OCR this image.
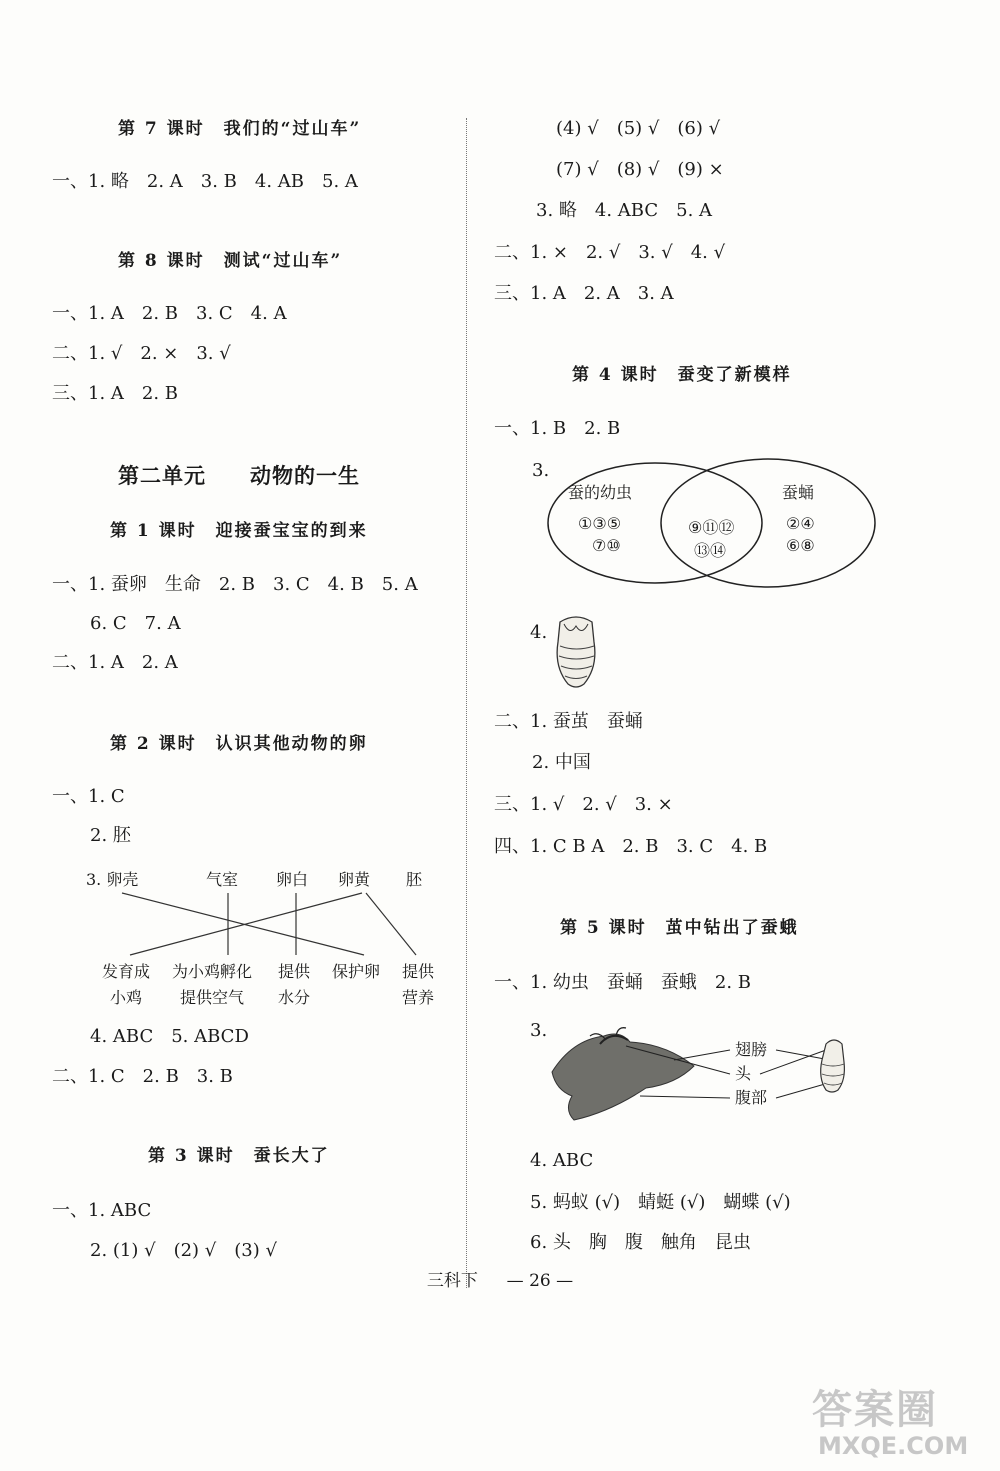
第 7 课时　我们的“过山车”
一、1. 略　2. A　3. B　4. AB　5. A
第 8 课时　测试“过山车”
一、1. A　2. B　3. C　4. A
二、1. √　2. ×　3. √
三、1. A　2. B
第二单元　　动物的一生
第 1 课时　迎接蚕宝宝的到来
一、1. 蚕卵　生命　2. B　3. C　4. B　5. A
6. C　7. A
二、1. A　2. A
第 2 课时　认识其他动物的卵
一、1. C
2. 胚
3. 卵壳	气室 卵白 卵黄 胚
发育成
小鸡
为小鸡孵化
提供空气
提供
水分
保护卵 提供
营养
4. ABC　5. ABCD
二、1. C　2. B　3. B
第 3 课时　蚕长大了
一、1. ABC
2. (1) √　(2) √　(3) √
(4) √　(5) √　(6) √
(7) √　(8) √　(9) ×
3. 略　4. ABC　5. A
二、1. ×　2. √　3. √　4. √
三、1. A　2. A　3. A
第 4 课时　蚕变了新模样
一、1. B　2. B
3.
蚕的幼虫
①③⑤
⑦⑩
⑨⑪⑫
⑬⑭
蚕蛹
②④
⑥⑧
4.
二、1. 蚕茧　蚕蛹
2. 中国
三、1. √　2. √　3. ×
四、1. C B A　2. B　3. C　4. B
第 5 课时　茧中钻出了蚕蛾
一、1. 幼虫　蚕蛹　蚕蛾　2. B
3.
翅膀
头
腹部
4. ABC
5. 蚂蚁 (√)　蜻蜓 (√)　蝴蝶 (√)
6. 头　胸　腹　触角　昆虫
三科下 — 26 —
答案圈
MXQE.COM
